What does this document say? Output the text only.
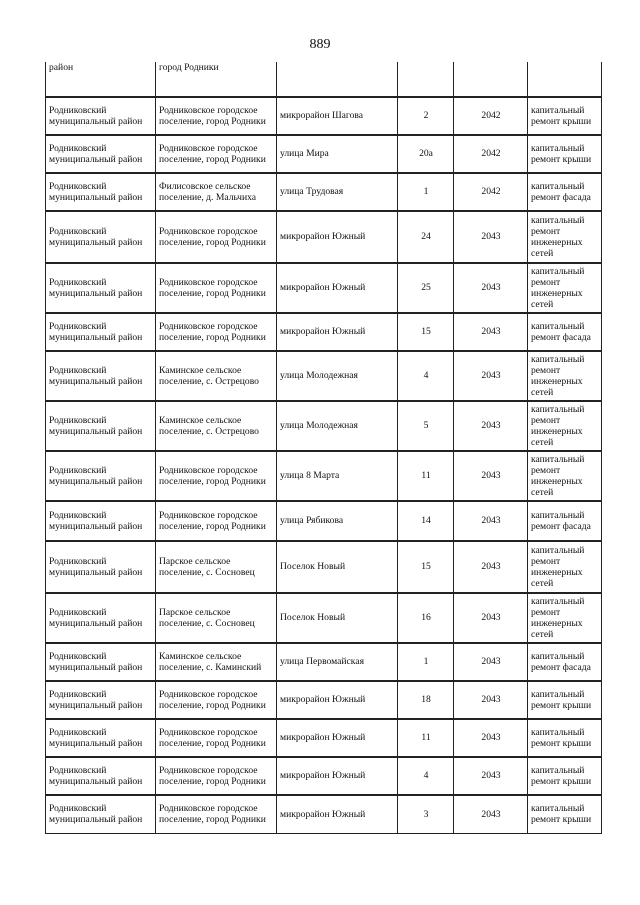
889
район	город Родники				
Родниковский муниципальный район	Родниковское городское поселение, город Родники	микрорайон Шагова	2	2042	капитальный ремонт крыши
Родниковский муниципальный район	Родниковское городское поселение, город Родники	улица Мира	20а	2042	капитальный ремонт крыши
Родниковский муниципальный район	Филисовское сельское поселение, д. Мальчиха	улица Трудовая	1	2042	капитальный ремонт фасада
Родниковский муниципальный район	Родниковское городское поселение, город Родники	микрорайон Южный	24	2043	капитальный ремонт инженерных сетей
Родниковский муниципальный район	Родниковское городское поселение, город Родники	микрорайон Южный	25	2043	капитальный ремонт инженерных сетей
Родниковский муниципальный район	Родниковское городское поселение, город Родники	микрорайон Южный	15	2043	капитальный ремонт фасада
Родниковский муниципальный район	Каминское сельское поселение, с. Острецово	улица Молодежная	4	2043	капитальный ремонт инженерных сетей
Родниковский муниципальный район	Каминское сельское поселение, с. Острецово	улица Молодежная	5	2043	капитальный ремонт инженерных сетей
Родниковский муниципальный район	Родниковское городское поселение, город Родники	улица 8 Марта	11	2043	капитальный ремонт инженерных сетей
Родниковский муниципальный район	Родниковское городское поселение, город Родники	улица Рябикова	14	2043	капитальный ремонт фасада
Родниковский муниципальный район	Парское сельское поселение, с. Сосновец	Поселок Новый	15	2043	капитальный ремонт инженерных сетей
Родниковский муниципальный район	Парское сельское поселение, с. Сосновец	Поселок Новый	16	2043	капитальный ремонт инженерных сетей
Родниковский муниципальный район	Каминское сельское поселение, с. Каминский	улица Первомайская	1	2043	капитальный ремонт фасада
Родниковский муниципальный район	Родниковское городское поселение, город Родники	микрорайон Южный	18	2043	капитальный ремонт крыши
Родниковский муниципальный район	Родниковское городское поселение, город Родники	микрорайон Южный	11	2043	капитальный ремонт крыши
Родниковский муниципальный район	Родниковское городское поселение, город Родники	микрорайон Южный	4	2043	капитальный ремонт крыши
Родниковский муниципальный район	Родниковское городское поселение, город Родники	микрорайон Южный	3	2043	капитальный ремонт крыши
